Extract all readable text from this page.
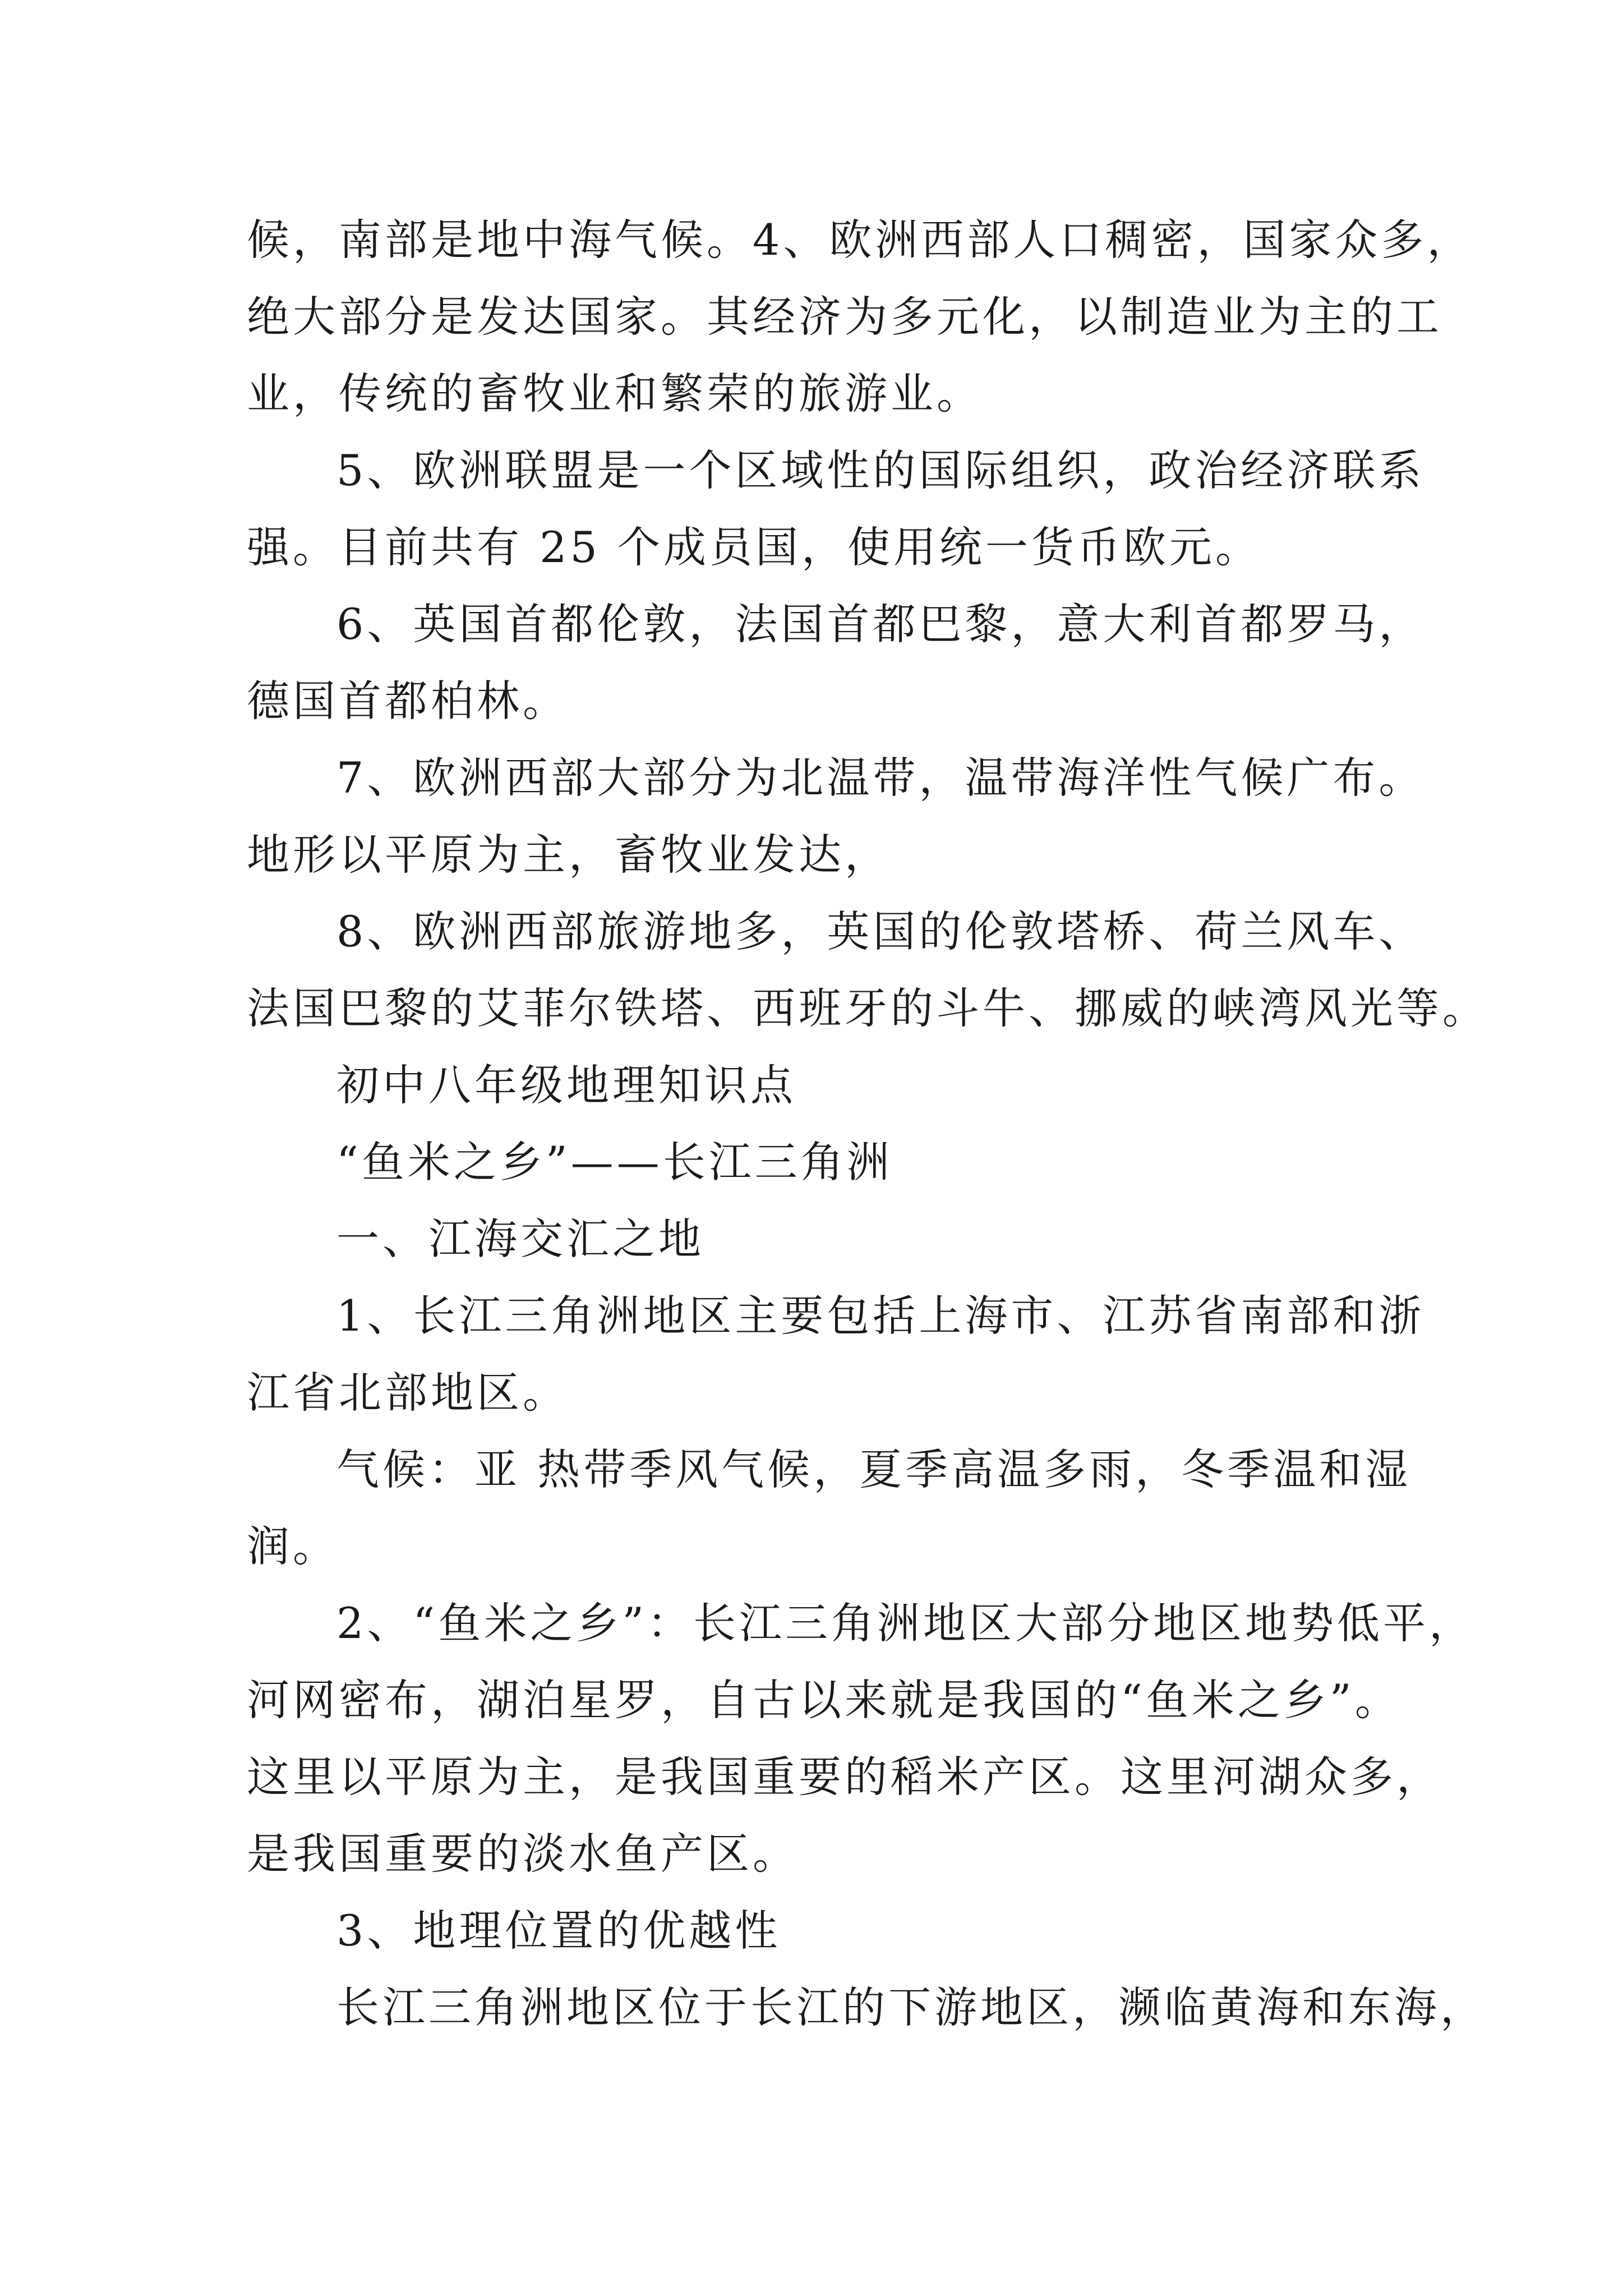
候，南部是地中海气候。4、欧洲西部人口稠密，国家众多，
绝大部分是发达国家。其经济为多元化，以制造业为主的工
业，传统的畜牧业和繁荣的旅游业。
5、欧洲联盟是一个区域性的国际组织，政治经济联系
强。目前共有 25 个成员国，使用统一货币欧元。
6、英国首都伦敦，法国首都巴黎，意大利首都罗马，
德国首都柏林。
7、欧洲西部大部分为北温带，温带海洋性气候广布。
地形以平原为主，畜牧业发达，
8、欧洲西部旅游地多，英国的伦敦塔桥、荷兰风车、
法国巴黎的艾菲尔铁塔、西班牙的斗牛、挪威的峡湾风光等。
初中八年级地理知识点
“鱼米之乡”——长江三角洲
一、江海交汇之地
1、长江三角洲地区主要包括上海市、江苏省南部和浙
江省北部地区。
气候：亚 热带季风气候，夏季高温多雨，冬季温和湿
润。
2、“鱼米之乡”：长江三角洲地区大部分地区地势低平，
河网密布，湖泊星罗，自古以来就是我国的“鱼米之乡”。
这里以平原为主，是我国重要的稻米产区。这里河湖众多，
是我国重要的淡水鱼产区。
3、地理位置的优越性
长江三角洲地区位于长江的下游地区，濒临黄海和东海，
